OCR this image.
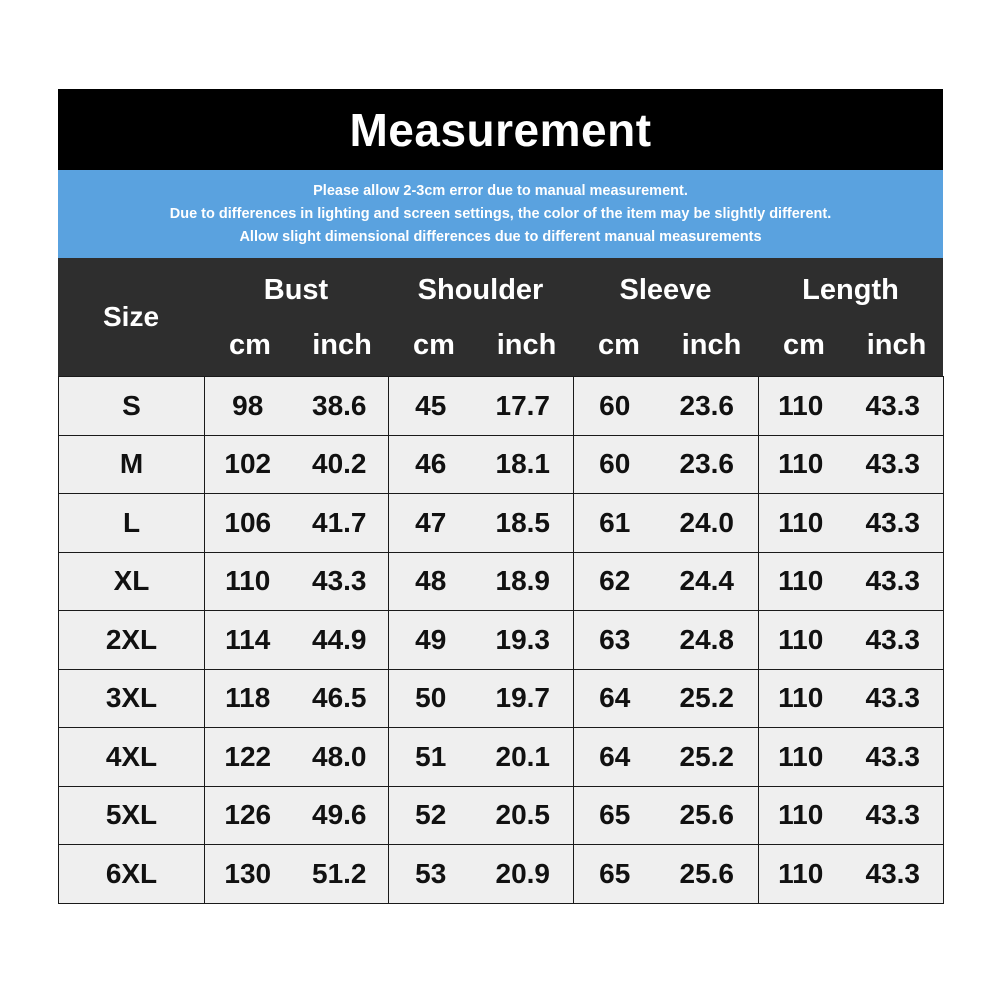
Measurement

Please allow 2-3cm error due to manual measurement.

Due to differences in lighting and screen settings, the color of the item may be slightly different.

Allow slight dimensional differences due to different manual measurements

Size
Bust	Shoulder	Sleeve	Length
cm	inch	cm	inch	cm	inch	cm	inch
S	98	38.6	45	17.7	60	23.6	110	43.3
M	102	40.2	46	18.1	60	23.6	110	43.3
L	106	41.7	47	18.5	61	24.0	110	43.3
XL	110	43.3	48	18.9	62	24.4	110	43.3
2XL	114	44.9	49	19.3	63	24.8	110	43.3
3XL	118	46.5	50	19.7	64	25.2	110	43.3
4XL	122	48.0	51	20.1	64	25.2	110	43.3
5XL	126	49.6	52	20.5	65	25.6	110	43.3
6XL	130	51.2	53	20.9	65	25.6	110	43.3
